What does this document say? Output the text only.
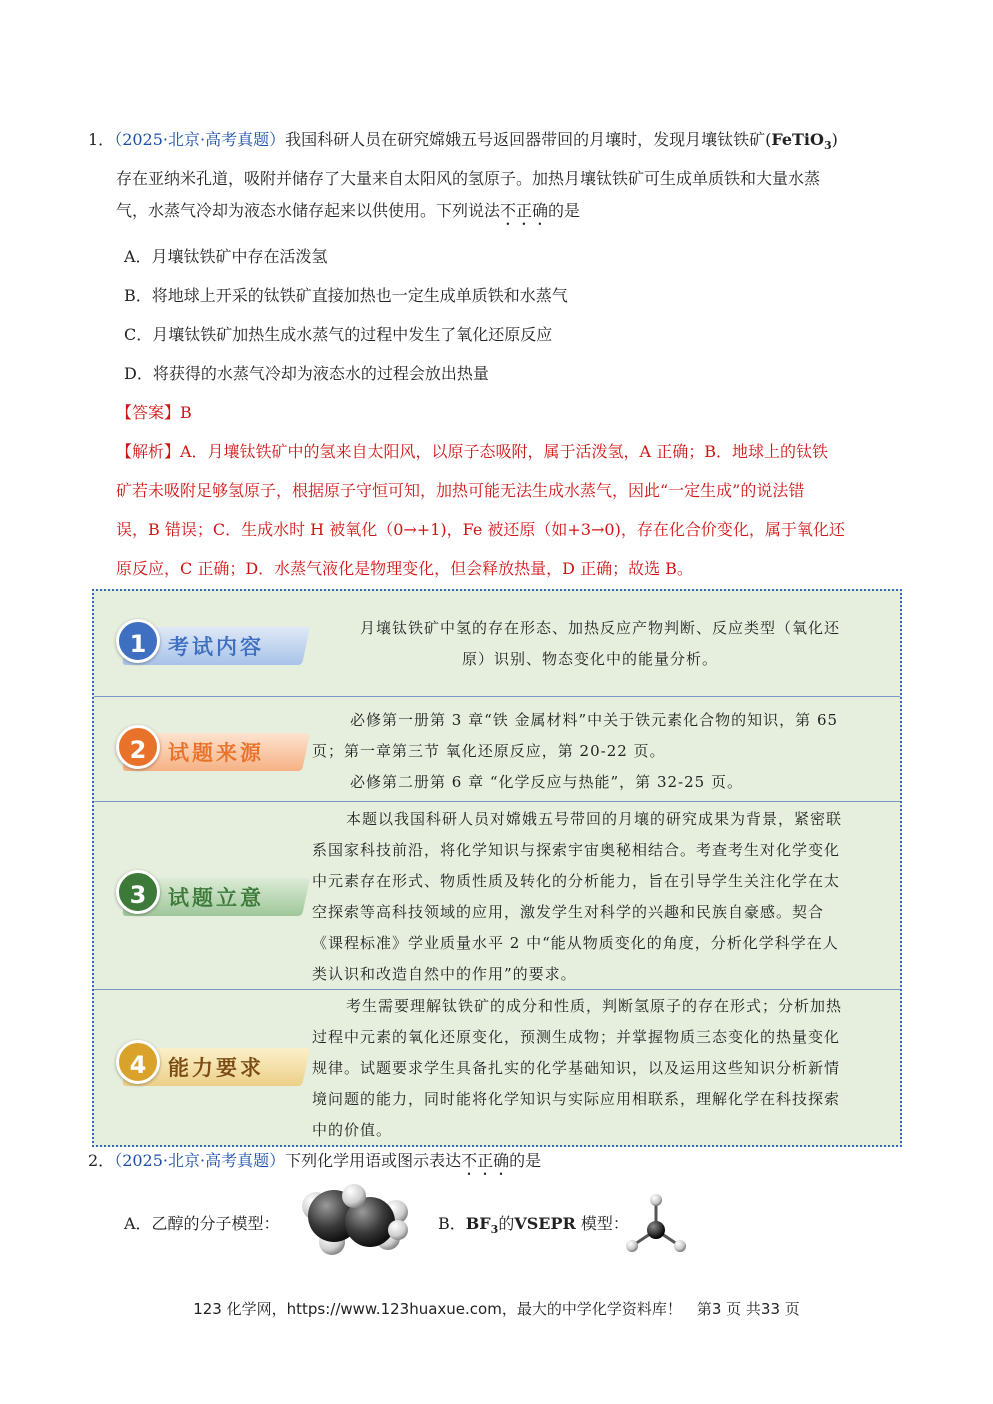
1．（2025·北京·高考真题）我国科研人员在研究嫦娥五号返回器带回的月壤时，发现月壤钛铁矿(FeTiO$_3$)
存在亚纳米孔道，吸附并储存了大量来自太阳风的氢原子。加热月壤钛铁矿可生成单质铁和大量水蒸
气，水蒸气冷却为液态水储存起来以供使用。下列说法不正确的是
A．月壤钛铁矿中存在活泼氢
B．将地球上开采的钛铁矿直接加热也一定生成单质铁和水蒸气
C．月壤钛铁矿加热生成水蒸气的过程中发生了氧化还原反应
D．将获得的水蒸气冷却为液态水的过程会放出热量
【答案】B
【解析】A．月壤钛铁矿中的氢来自太阳风，以原子态吸附，属于活泼氢，A 正确；B．地球上的钛铁
矿若未吸附足够氢原子，根据原子守恒可知，加热可能无法生成水蒸气，因此“一定生成”的说法错
误，B 错误；C．生成水时 H 被氧化（0→+1)，Fe 被还原（如+3→0)，存在化合价变化，属于氧化还
原反应，C 正确；D．水蒸气液化是物理变化，但会释放热量，D 正确；故选 B。
1	考试内容
月壤钛铁矿中氢的存在形态、加热反应产物判断、反应类型（氧化还
原）识别、物态变化中的能量分析。
2	试题来源
必修第一册第 3 章“铁 金属材料”中关于铁元素化合物的知识，第 65
页；第一章第三节 氧化还原反应，第 20-22 页。
必修第二册第 6 章 “化学反应与热能”，第 32-25 页。
3	试题立意
本题以我国科研人员对嫦娥五号带回的月壤的研究成果为背景，紧密联
系国家科技前沿，将化学知识与探索宇宙奥秘相结合。考查考生对化学变化
中元素存在形式、物质性质及转化的分析能力，旨在引导学生关注化学在太
空探索等高科技领域的应用，激发学生对科学的兴趣和民族自豪感。契合
《课程标准》学业质量水平 2 中“能从物质变化的角度，分析化学科学在人
类认识和改造自然中的作用”的要求。
4	能力要求
考生需要理解钛铁矿的成分和性质，判断氢原子的存在形式；分析加热
过程中元素的氧化还原变化，预测生成物；并掌握物质三态变化的热量变化
规律。试题要求学生具备扎实的化学基础知识，以及运用这些知识分析新情
境问题的能力，同时能将化学知识与实际应用相联系，理解化学在科技探索
中的价值。
2．（2025·北京·高考真题）下列化学用语或图示表达不正确的是
A．乙醇的分子模型：	B．$BF_3$的VSEPR 模型：
123 化学网，https://www.123huaxue.com，最大的中学化学资料库！　第3 页 共33 页
